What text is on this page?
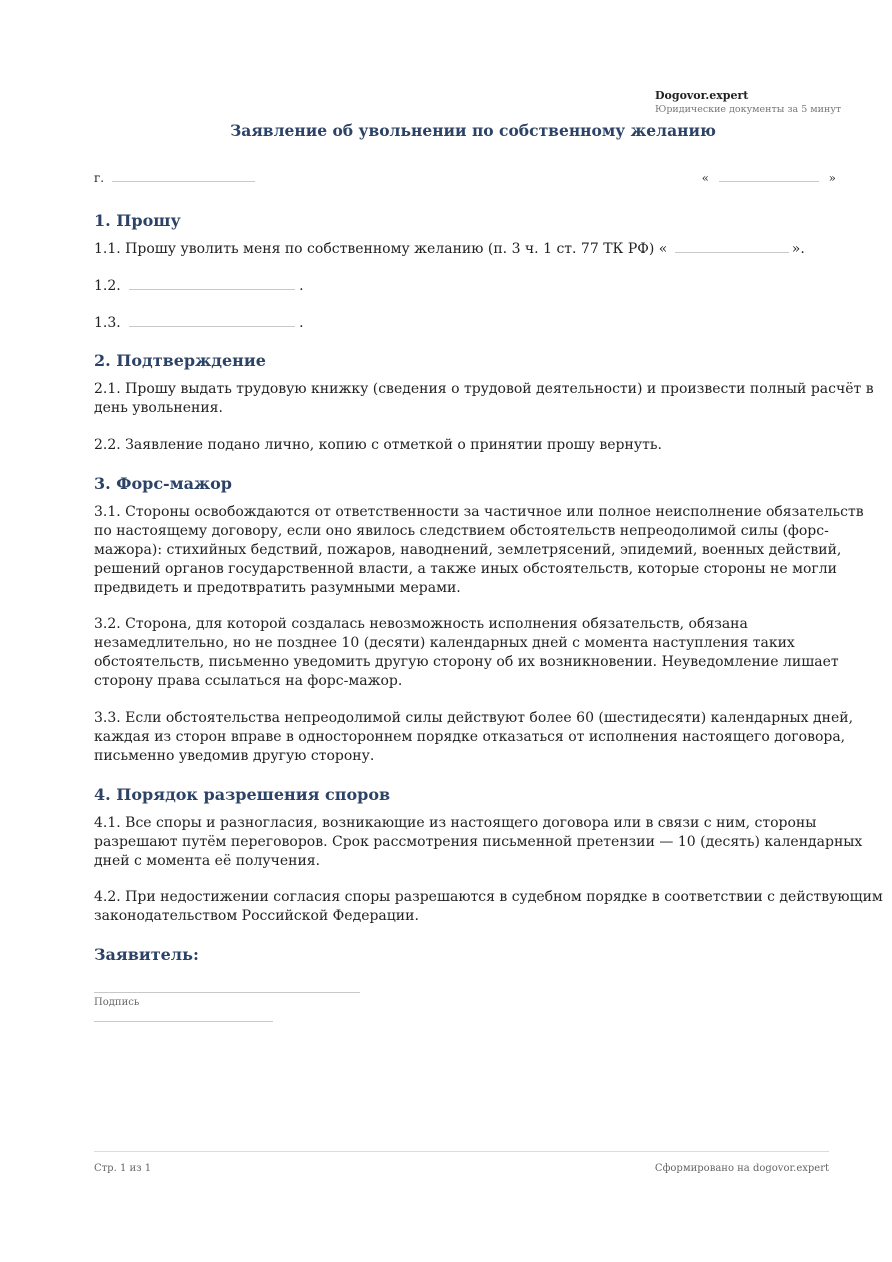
Dogovor.expert
Юридические документы за 5 минут
Заявление об увольнении по собственному желанию
г.	«	»
1. Прошу
1.1. Прошу уволить меня по собственному желанию (п. 3 ч. 1 ст. 77 ТК РФ) «	».
1.2.	.
1.3.	.
2. Подтверждение
2.1. Прошу выдать трудовую книжку (сведения о трудовой деятельности) и произвести полный расчёт в день увольнения.
2.2. Заявление подано лично, копию с отметкой о принятии прошу вернуть.
3. Форс-мажор
3.1. Стороны освобождаются от ответственности за частичное или полное неисполнение обязательств по настоящему договору, если оно явилось следствием обстоятельств непреодолимой силы (форс-мажора): стихийных бедствий, пожаров, наводнений, землетрясений, эпидемий, военных действий, решений органов государственной власти, а также иных обстоятельств, которые стороны не могли предвидеть и предотвратить разумными мерами.
3.2. Сторона, для которой создалась невозможность исполнения обязательств, обязана незамедлительно, но не позднее 10 (десяти) календарных дней с момента наступления таких обстоятельств, письменно уведомить другую сторону об их возникновении. Неуведомление лишает сторону права ссылаться на форс-мажор.
3.3. Если обстоятельства непреодолимой силы действуют более 60 (шестидесяти) календарных дней, каждая из сторон вправе в одностороннем порядке отказаться от исполнения настоящего договора, письменно уведомив другую сторону.
4. Порядок разрешения споров
4.1. Все споры и разногласия, возникающие из настоящего договора или в связи с ним, стороны разрешают путём переговоров. Срок рассмотрения письменной претензии — 10 (десять) календарных дней с момента её получения.
4.2. При недостижении согласия споры разрешаются в судебном порядке в соответствии с действующим законодательством Российской Федерации.
Заявитель:
Подпись
Стр. 1 из 1	Сформировано на dogovor.expert
